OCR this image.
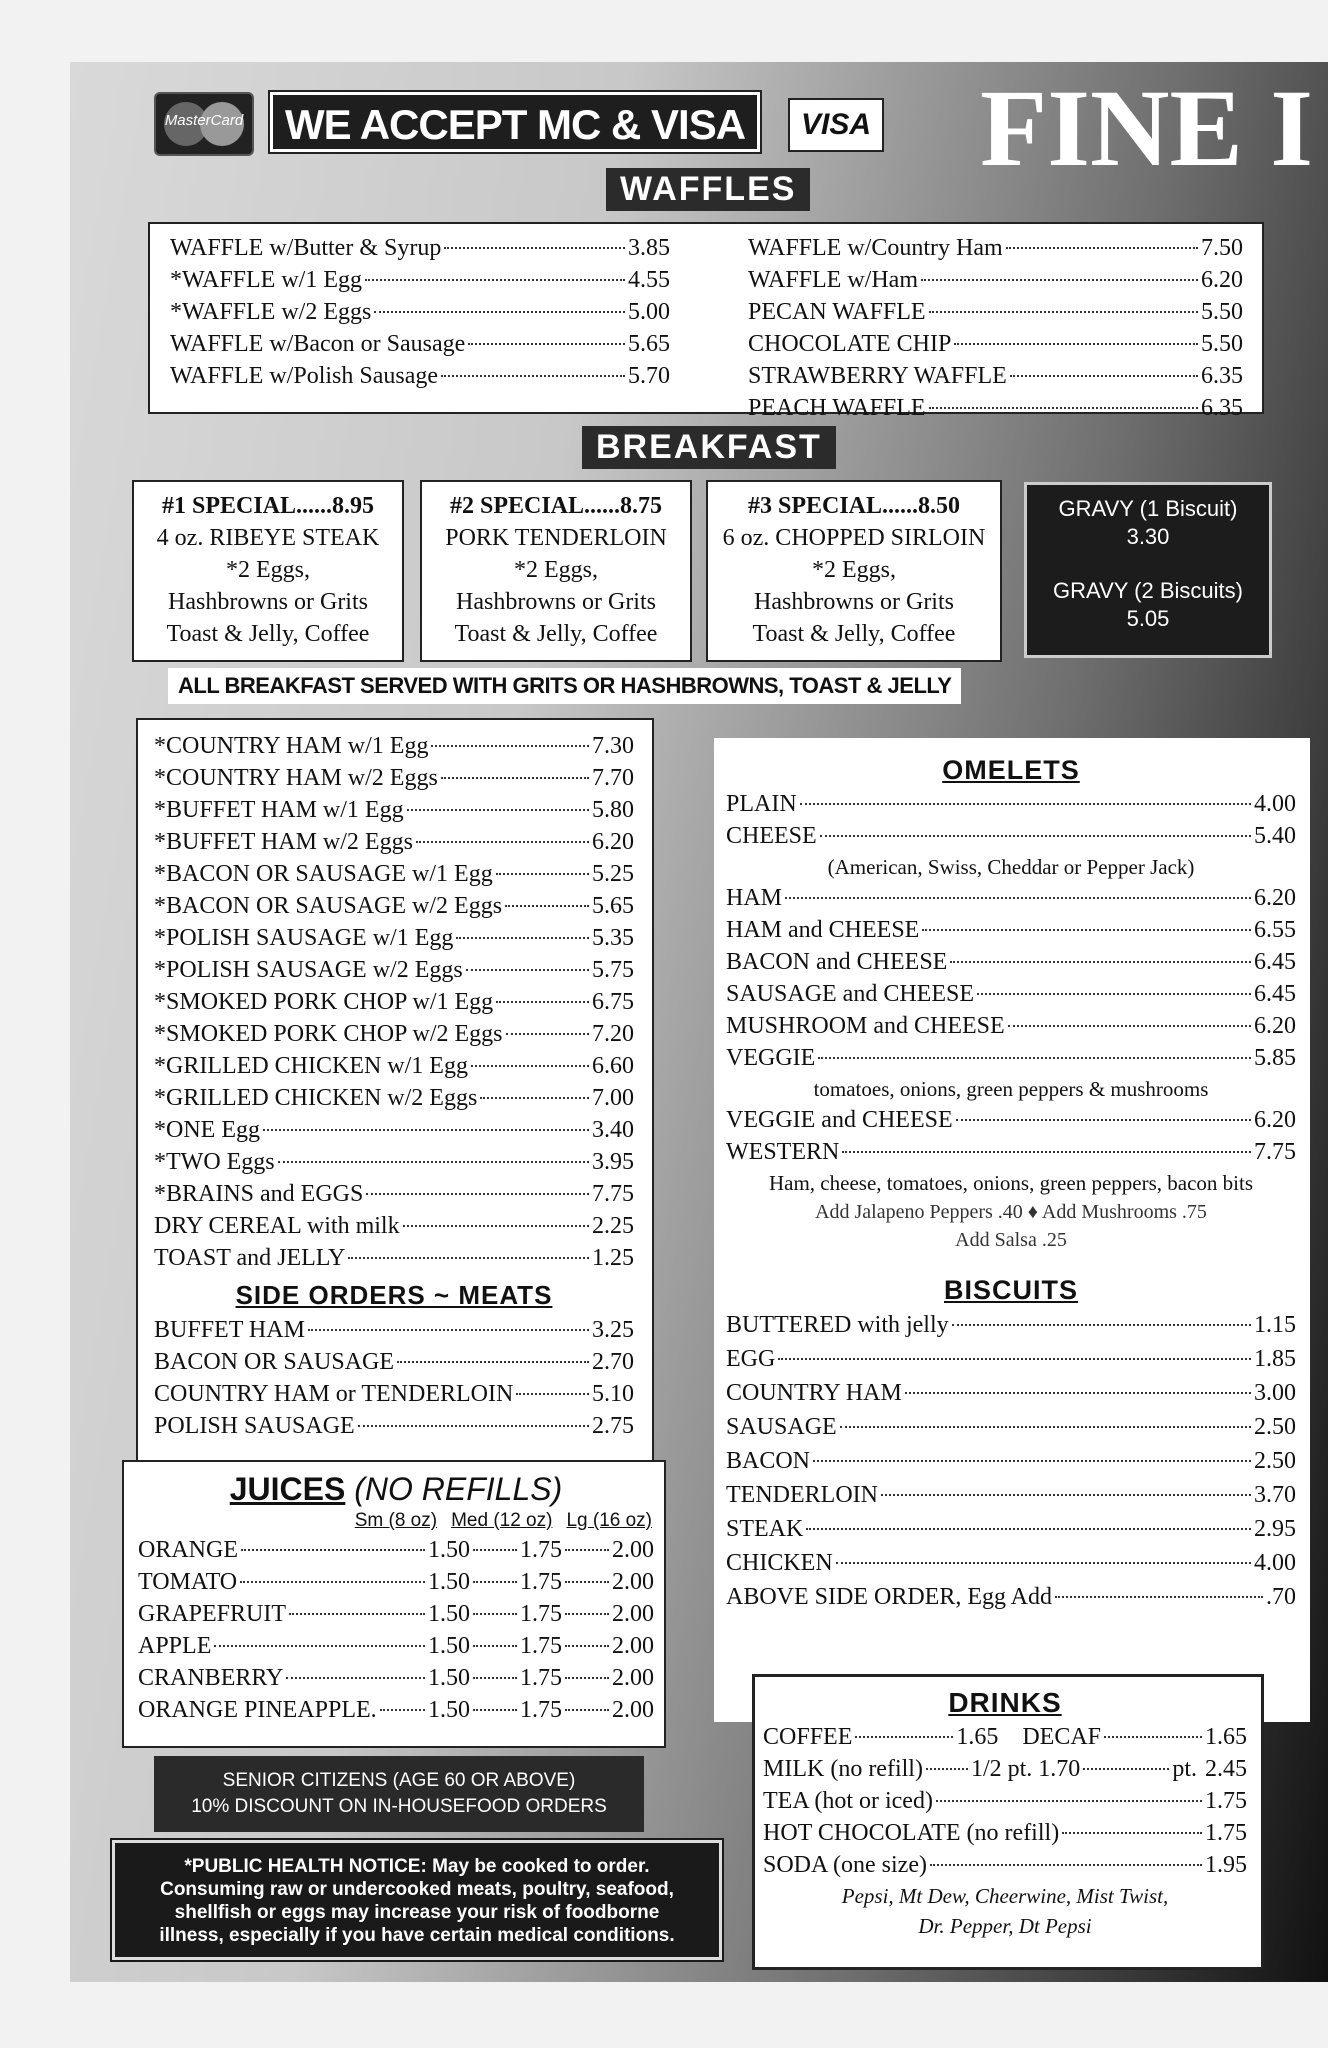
MasterCard WE ACCEPT MC & VISA	VISA FINE I
WAFFLES
WAFFLE w/Butter & Syrup	3.85
*WAFFLE w/1 Egg	4.55
*WAFFLE w/2 Eggs	5.00
WAFFLE w/Bacon or Sausage	5.65
WAFFLE w/Polish Sausage	5.70
WAFFLE w/Country Ham	7.50
WAFFLE w/Ham	6.20
PECAN WAFFLE	5.50
CHOCOLATE CHIP	5.50
STRAWBERRY WAFFLE	6.35
PEACH WAFFLE	6.35
BREAKFAST
#1 SPECIAL......8.95
4 oz. RIBEYE STEAK
*2 Eggs,
Hashbrowns or Grits
Toast & Jelly, Coffee
#2 SPECIAL......8.75
PORK TENDERLOIN
*2 Eggs,
Hashbrowns or Grits
Toast & Jelly, Coffee
#3 SPECIAL......8.50
6 oz. CHOPPED SIRLOIN
*2 Eggs,
Hashbrowns or Grits
Toast & Jelly, Coffee
GRAVY (1 Biscuit)
3.30
GRAVY (2 Biscuits)
5.05
ALL BREAKFAST SERVED WITH GRITS OR HASHBROWNS, TOAST & JELLY
*COUNTRY HAM w/1 Egg	7.30
*COUNTRY HAM w/2 Eggs	7.70
*BUFFET HAM w/1 Egg	5.80
*BUFFET HAM w/2 Eggs	6.20
*BACON OR SAUSAGE w/1 Egg	5.25
*BACON OR SAUSAGE w/2 Eggs	5.65
*POLISH SAUSAGE w/1 Egg	5.35
*POLISH SAUSAGE w/2 Eggs	5.75
*SMOKED PORK CHOP w/1 Egg	6.75
*SMOKED PORK CHOP w/2 Eggs	7.20
*GRILLED CHICKEN w/1 Egg	6.60
*GRILLED CHICKEN w/2 Eggs	7.00
*ONE Egg	3.40
*TWO Eggs	3.95
*BRAINS and EGGS	7.75
DRY CEREAL with milk	2.25
TOAST and JELLY	1.25
SIDE ORDERS ~ MEATS
BUFFET HAM	3.25
BACON OR SAUSAGE	2.70
COUNTRY HAM or TENDERLOIN	5.10
POLISH SAUSAGE	2.75
JUICES (NO REFILLS)
Sm (8 oz) Med (12 oz) Lg (16 oz)
ORANGE	1.50 1.75 2.00
TOMATO	1.50 1.75 2.00
GRAPEFRUIT	1.50 1.75 2.00
APPLE	1.50 1.75 2.00
CRANBERRY	1.50 1.75 2.00
ORANGE PINEAPPLE. 1.50 1.75 2.00
SENIOR CITIZENS (AGE 60 OR ABOVE)
10% DISCOUNT ON IN-HOUSEFOOD ORDERS
*PUBLIC HEALTH NOTICE: May be cooked to order.
Consuming raw or undercooked meats, poultry, seafood,
shellfish or eggs may increase your risk of foodborne
illness, especially if you have certain medical conditions.
OMELETS
PLAIN	4.00
CHEESE	5.40
(American, Swiss, Cheddar or Pepper Jack)
HAM	6.20
HAM and CHEESE	6.55
BACON and CHEESE	6.45
SAUSAGE and CHEESE	6.45
MUSHROOM and CHEESE	6.20
VEGGIE	5.85
tomatoes, onions, green peppers & mushrooms
VEGGIE and CHEESE	6.20
WESTERN	7.75
Ham, cheese, tomatoes, onions, green peppers, bacon bits
Add Jalapeno Peppers .40 ♦ Add Mushrooms .75
Add Salsa .25
BISCUITS
BUTTERED with jelly	1.15
EGG	1.85
COUNTRY HAM	3.00
SAUSAGE	2.50
BACON	2.50
TENDERLOIN	3.70
STEAK	2.95
CHICKEN	4.00
ABOVE SIDE ORDER, Egg Add	.70
DRINKS
COFFEE	1.65 DECAF	1.65
MILK (no refill) 1/2 pt. 1.70	pt. 2.45
TEA (hot or iced)	1.75
HOT CHOCOLATE (no refill)	1.75
SODA (one size)	1.95
Pepsi, Mt Dew, Cheerwine, Mist Twist,
Dr. Pepper, Dt Pepsi
